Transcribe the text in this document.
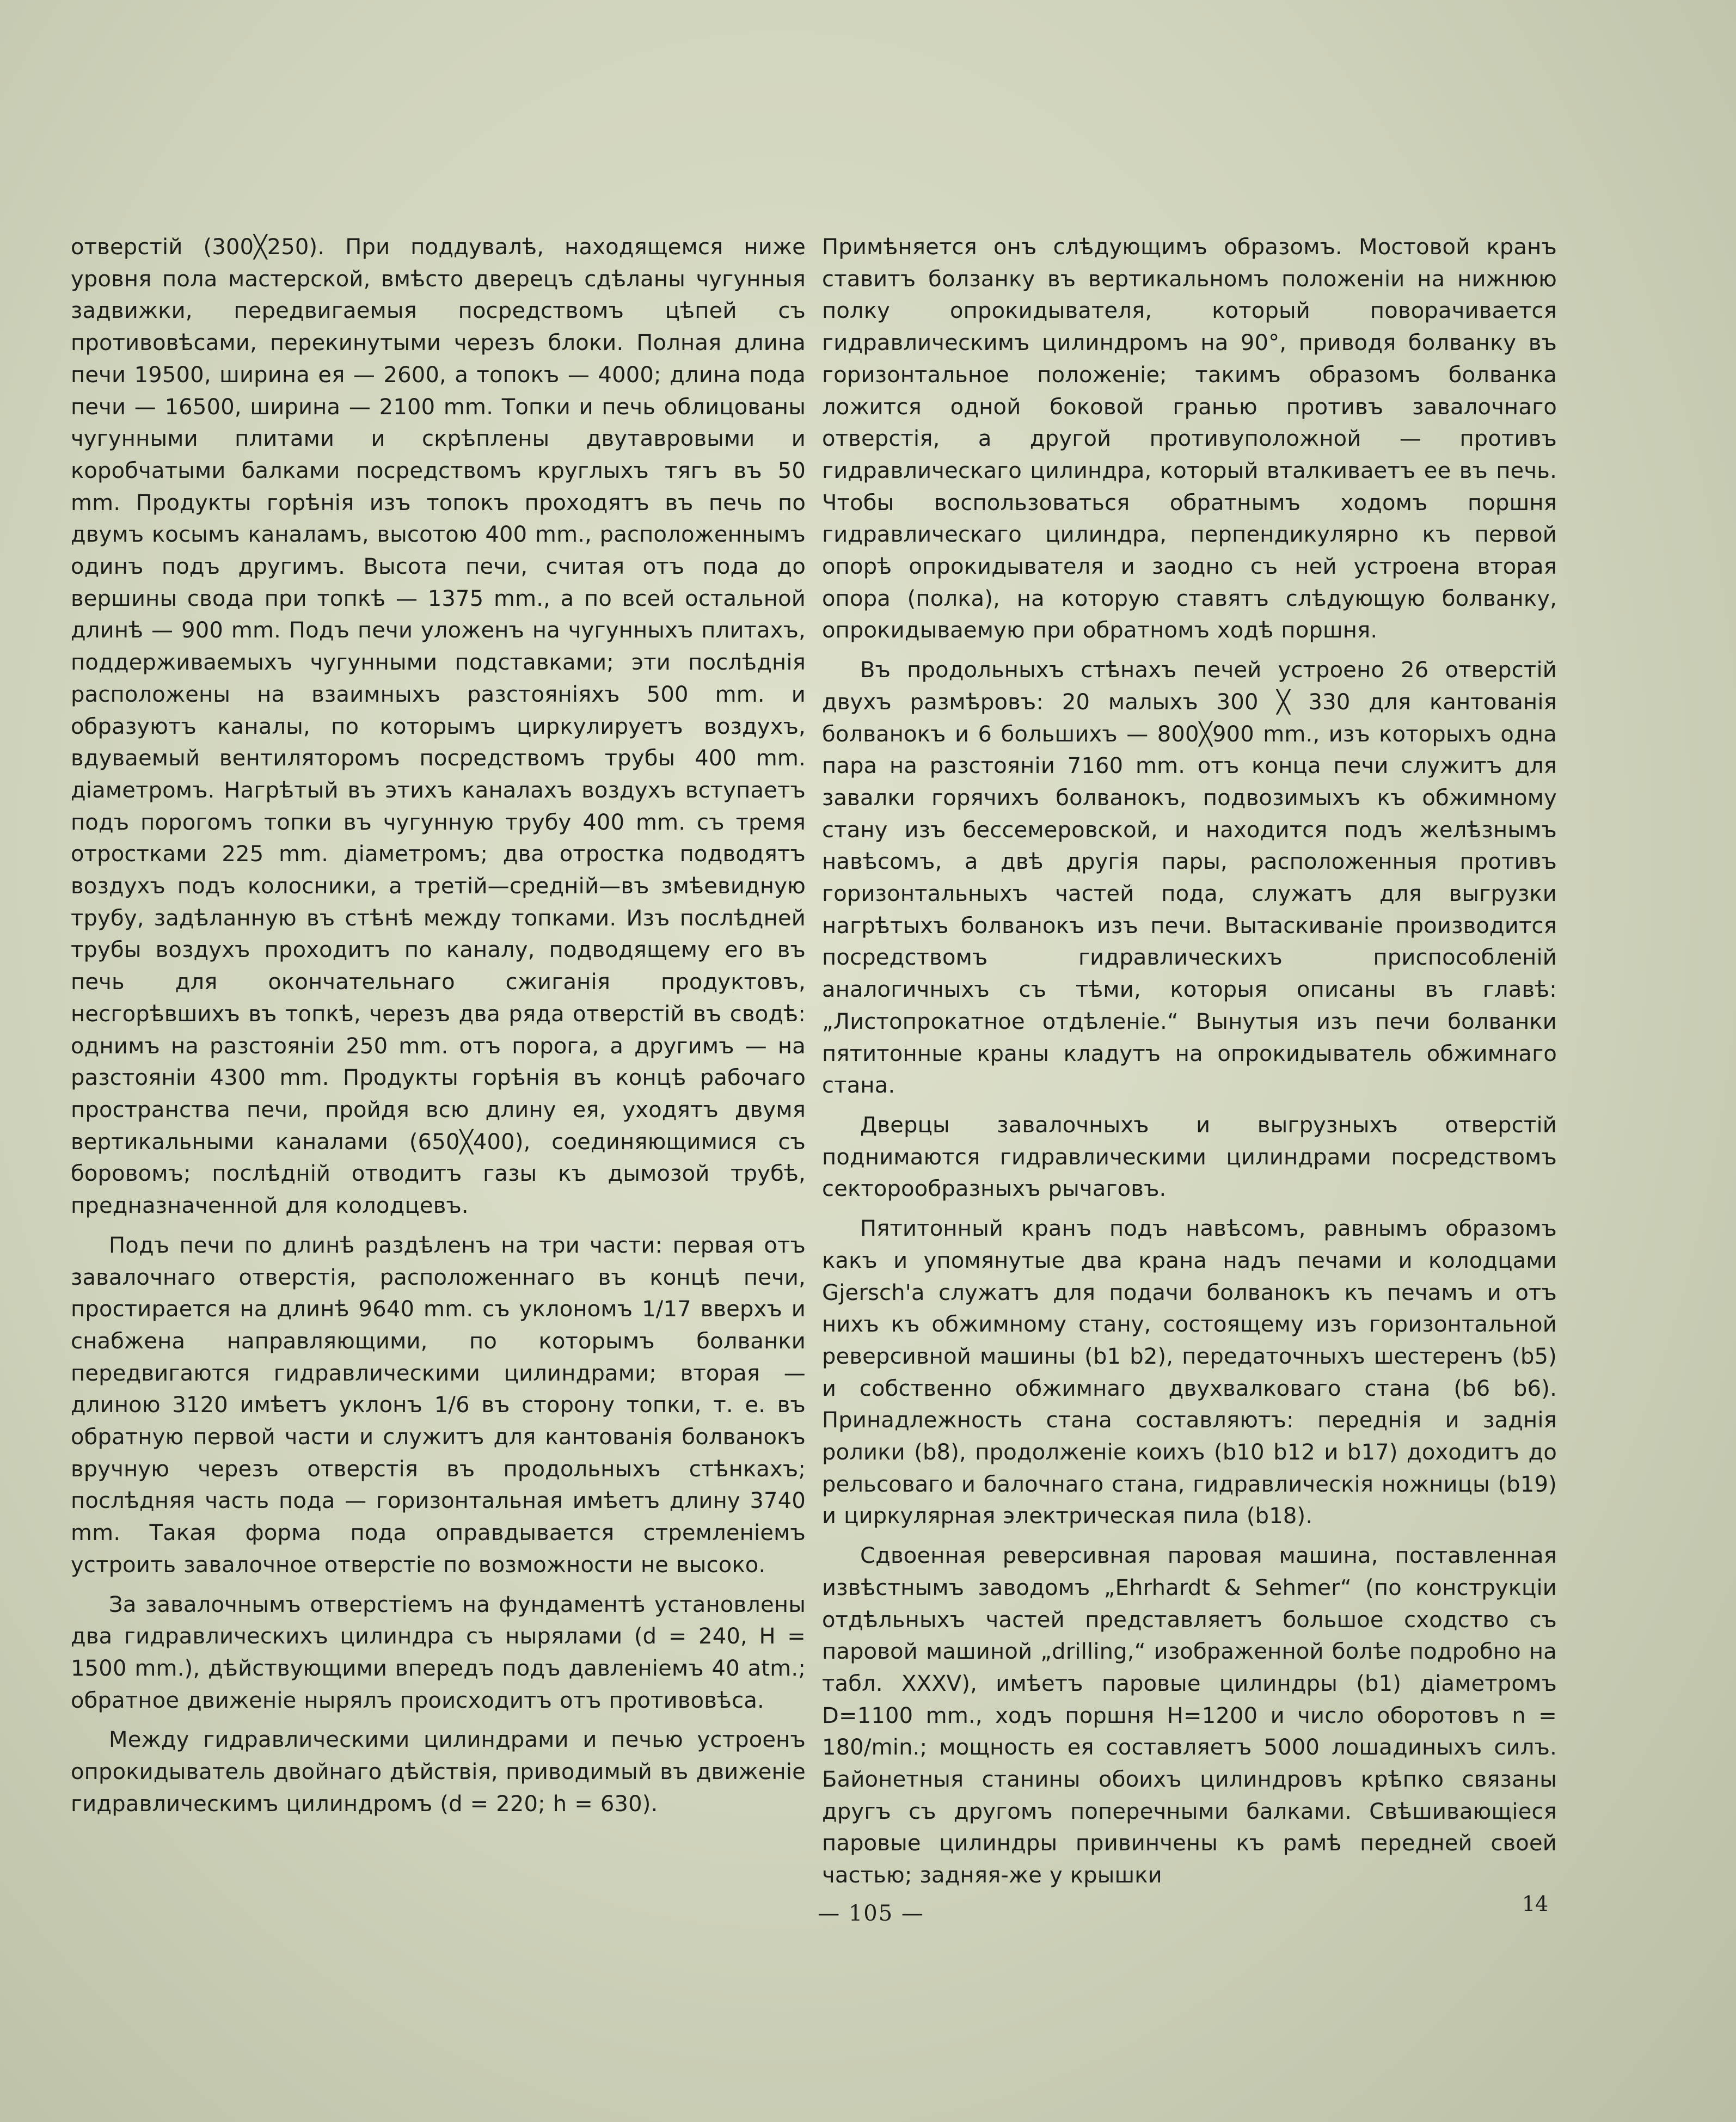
отверстій (300╳250). При поддувалѣ, находящемся ниже уровня пола мастерской, вмѣсто дверецъ сдѣланы чугунныя задвижки, передвигаемыя посредствомъ цѣпей съ противовѣсами, перекинутыми черезъ блоки. Полная длина печи 19500, ширина ея — 2600, а топокъ — 4000; длина пода печи — 16500, ширина — 2100 mm. Топки и печь облицованы чугунными плитами и скрѣплены двутавровыми и коробчатыми балками посредствомъ круглыхъ тягъ въ 50 mm. Продукты горѣнія изъ топокъ проходятъ въ печь по двумъ косымъ каналамъ, высотою 400 mm., расположеннымъ одинъ подъ другимъ. Высота печи, считая отъ пода до вершины свода при топкѣ — 1375 mm., а по всей остальной длинѣ — 900 mm. Подъ печи уложенъ на чугунныхъ плитахъ, поддерживаемыхъ чугунными подставками; эти послѣднія расположены на взаимныхъ разстояніяхъ 500 mm. и образуютъ каналы, по которымъ циркулируетъ воздухъ, вдуваемый вентиляторомъ посредствомъ трубы 400 mm. діаметромъ. Нагрѣтый въ этихъ каналахъ воздухъ вступаетъ подъ порогомъ топки въ чугунную трубу 400 mm. съ тремя отростками 225 mm. діаметромъ; два отростка подводятъ воздухъ подъ колосники, а третій—средній—въ змѣевидную трубу, задѣланную въ стѣнѣ между топками. Изъ послѣдней трубы воздухъ проходитъ по каналу, подводящему его въ печь для окончательнаго сжиганія продуктовъ, несгорѣвшихъ въ топкѣ, черезъ два ряда отверстій въ сводѣ: однимъ на разстояніи 250 mm. отъ порога, а другимъ — на разстояніи 4300 mm. Продукты горѣнія въ концѣ рабочаго пространства печи, пройдя всю длину ея, уходятъ двумя вертикальными каналами (650╳400), соединяющимися съ боровомъ; послѣдній отводитъ газы къ дымозой трубѣ, предназначенной для колодцевъ.

Подъ печи по длинѣ раздѣленъ на три части: первая отъ завалочнаго отверстія, расположеннаго въ концѣ печи, простирается на длинѣ 9640 mm. съ уклономъ 1/17 вверхъ и снабжена направляющими, по которымъ болванки передвигаются гидравлическими цилиндрами; вторая — длиною 3120 имѣетъ уклонъ 1/6 въ сторону топки, т. е. въ обратную первой части и служитъ для кантованія болванокъ вручную черезъ отверстія въ продольныхъ стѣнкахъ; послѣдняя часть пода — горизонтальная имѣетъ длину 3740 mm. Такая форма пода оправдывается стремленіемъ устроить завалочное отверстіе по возможности не высоко.

За завалочнымъ отверстіемъ на фундаментѣ установлены два гидравлическихъ цилиндра съ нырялами (d = 240, H = 1500 mm.), дѣйствующими впередъ подъ давленіемъ 40 atm.; обратное движеніе нырялъ происходитъ отъ противовѣса.

Между гидравлическими цилиндрами и печью устроенъ опрокидыватель двойнаго дѣйствія, приводимый въ движеніе гидравлическимъ цилиндромъ (d = 220; h = 630).

Примѣняется онъ слѣдующимъ образомъ. Мостовой кранъ ставитъ болзанку въ вертикальномъ положеніи на нижнюю полку опрокидывателя, который поворачивается гидравлическимъ цилиндромъ на 90°, приводя болванку въ горизонтальное положеніе; такимъ образомъ болванка ложится одной боковой гранью противъ завалочнаго отверстія, а другой противуположной — противъ гидравлическаго цилиндра, который вталкиваетъ ее въ печь. Чтобы воспользоваться обратнымъ ходомъ поршня гидравлическаго цилиндра, перпендикулярно къ первой опорѣ опрокидывателя и заодно съ ней устроена вторая опора (полка), на которую ставятъ слѣдующую болванку, опрокидываемую при обратномъ ходѣ поршня.

Въ продольныхъ стѣнахъ печей устроено 26 отверстій двухъ размѣровъ: 20 малыхъ 300 ╳ 330 для кантованія болванокъ и 6 большихъ — 800╳900 mm., изъ которыхъ одна пара на разстояніи 7160 mm. отъ конца печи служитъ для завалки горячихъ болванокъ, подвозимыхъ къ обжимному стану изъ бессемеровской, и находится подъ желѣзнымъ навѣсомъ, а двѣ другія пары, расположенныя противъ горизонтальныхъ частей пода, служатъ для выгрузки нагрѣтыхъ болванокъ изъ печи. Вытаскиваніе производится посредствомъ гидравлическихъ приспособленій аналогичныхъ съ тѣми, которыя описаны въ главѣ: „Листопрокатное отдѣленіе.“ Вынутыя изъ печи болванки пятитонные краны кладутъ на опрокидыватель обжимнаго стана.

Дверцы завалочныхъ и выгрузныхъ отверстій поднимаются гидравлическими цилиндрами посредствомъ секторообразныхъ рычаговъ.

Пятитонный кранъ подъ навѣсомъ, равнымъ образомъ какъ и упомянутые два крана надъ печами и колодцами Gjersch'a служатъ для подачи болванокъ къ печамъ и отъ нихъ къ обжимному стану, состоящему изъ горизонтальной реверсивной машины (b1 b2), передаточныхъ шестеренъ (b5) и собственно обжимнаго двухвалковаго стана (b6 b6). Принадлежность стана составляютъ: переднія и заднія ролики (b8), продолженіе коихъ (b10 b12 и b17) доходитъ до рельсоваго и балочнаго стана, гидравлическія ножницы (b19) и циркулярная электрическая пила (b18).

Сдвоенная реверсивная паровая машина, поставленная извѣстнымъ заводомъ „Ehrhardt & Sehmer“ (по конструкціи отдѣльныхъ частей представляетъ большое сходство съ паровой машиной „drilling,“ изображенной болѣе подробно на табл. XXXV), имѣетъ паровые цилиндры (b1) діаметромъ D=1100 mm., ходъ поршня H=1200 и число оборотовъ n = 180/min.; мощность ея составляетъ 5000 лошадиныхъ силъ. Байонетныя станины обоихъ цилиндровъ крѣпко связаны другъ съ другомъ поперечными балками. Свѣшивающіеся паровые цилиндры привинчены къ рамѣ передней своей частью; задняя-же у крышки

— 105 —	14
